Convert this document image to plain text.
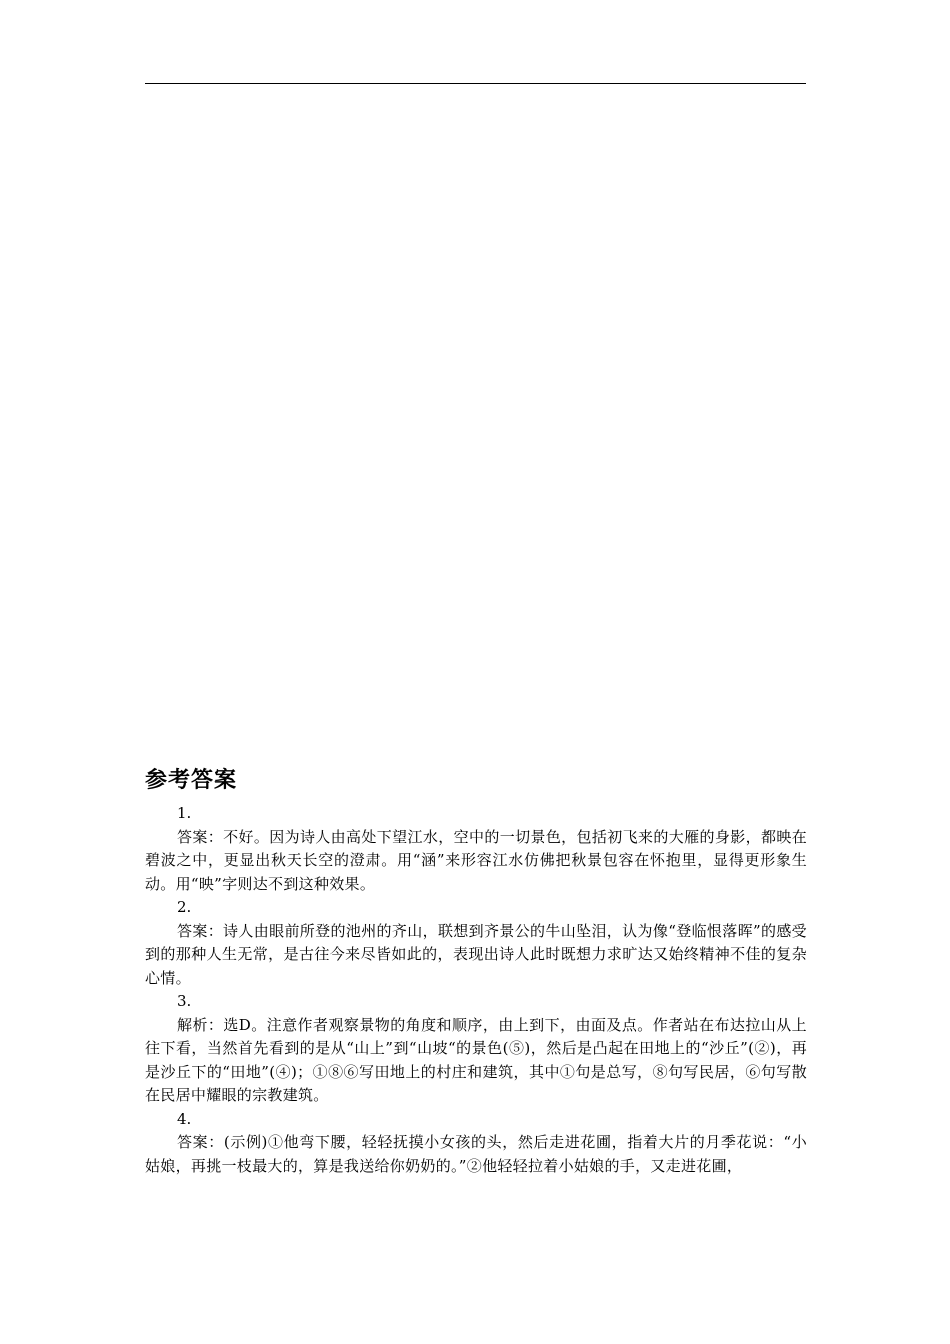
参考答案

1.

答案：不好。因为诗人由高处下望江水，空中的一切景色，包括初飞来的大雁的身影，都映在碧波之中，更显出秋天长空的澄肃。用“涵”来形容江水仿佛把秋景包容在怀抱里，显得更形象生动。用“映”字则达不到这种效果。

2.

答案：诗人由眼前所登的池州的齐山，联想到齐景公的牛山坠泪，认为像“登临恨落晖”的感受到的那种人生无常，是古往今来尽皆如此的，表现出诗人此时既想力求旷达又始终精神不佳的复杂心情。

3.

解析：选D。注意作者观察景物的角度和顺序，由上到下，由面及点。作者站在布达拉山从上往下看，当然首先看到的是从“山上”到“山坡“的景色(⑤)，然后是凸起在田地上的“沙丘”(②)，再是沙丘下的“田地”(④)；①⑧⑥写田地上的村庄和建筑，其中①句是总写，⑧句写民居，⑥句写散在民居中耀眼的宗教建筑。

4.

答案：(示例)①他弯下腰，轻轻抚摸小女孩的头，然后走进花圃，指着大片的月季花说：“小姑娘，再挑一枝最大的，算是我送给你奶奶的。”②他轻轻拉着小姑娘的手，又走进花圃，
